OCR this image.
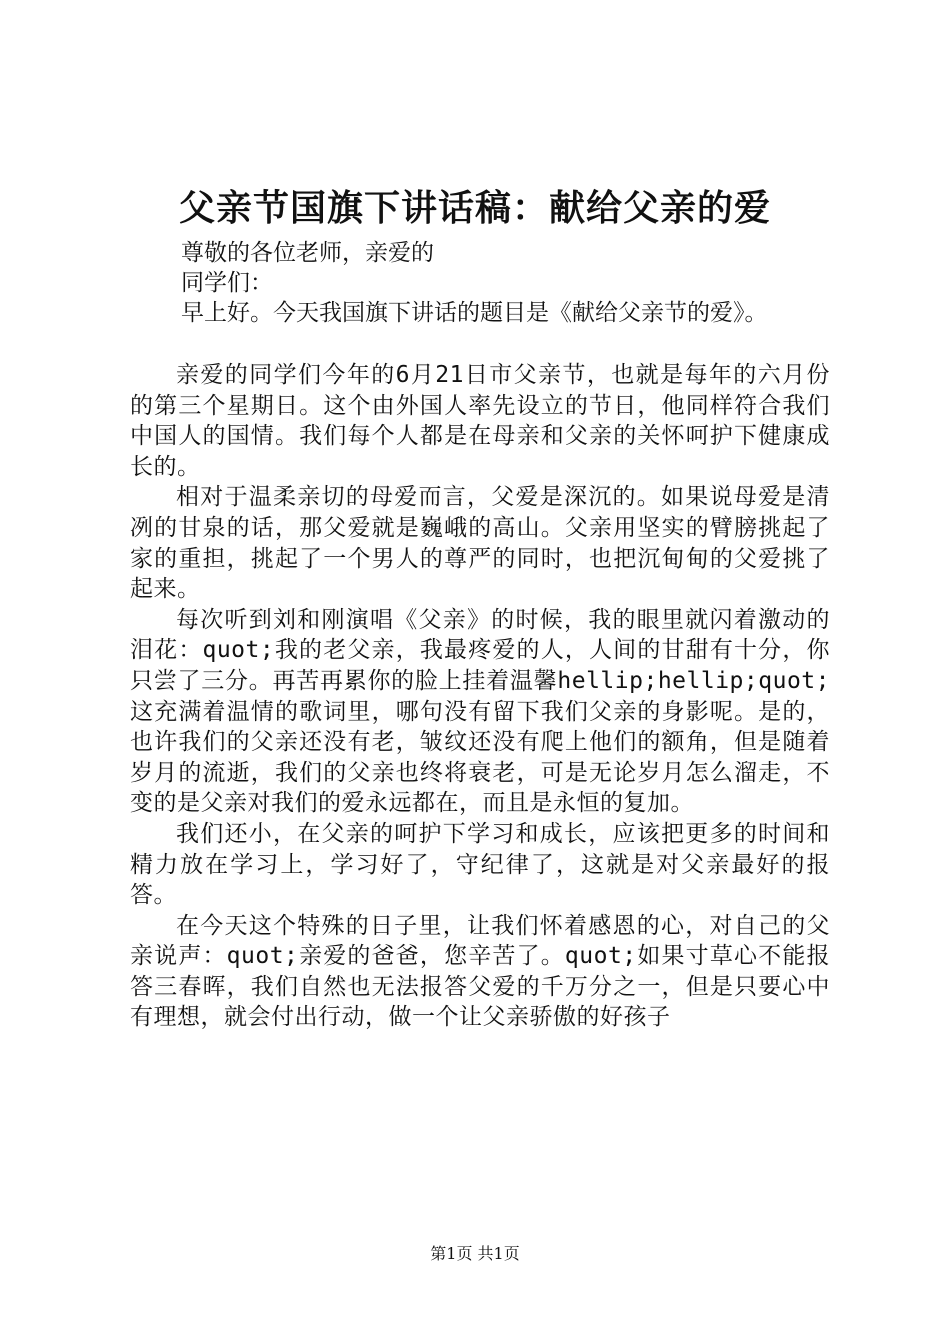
父亲节国旗下讲话稿：献给父亲的爱

尊敬的各位老师，亲爱的

同学们：

早上好。今天我国旗下讲话的题目是《献给父亲节的爱》。

亲爱的同学们今年的6月21日市父亲节，也就是每年的六月份的第三个星期日。这个由外国人率先设立的节日，他同样符合我们中国人的国情。我们每个人都是在母亲和父亲的关怀呵护下健康成长的。

相对于温柔亲切的母爱而言，父爱是深沉的。如果说母爱是清冽的甘泉的话，那父爱就是巍峨的高山。父亲用坚实的臂膀挑起了家的重担，挑起了一个男人的尊严的同时，也把沉甸甸的父爱挑了起来。

每次听到刘和刚演唱《父亲》的时候，我的眼里就闪着激动的泪花：quot;我的老父亲，我最疼爱的人，人间的甘甜有十分，你只尝了三分。再苦再累你的脸上挂着温馨hellip;hellip;quot;这充满着温情的歌词里，哪句没有留下我们父亲的身影呢。是的，也许我们的父亲还没有老，皱纹还没有爬上他们的额角，但是随着岁月的流逝，我们的父亲也终将衰老，可是无论岁月怎么溜走，不变的是父亲对我们的爱永远都在，而且是永恒的复加。

我们还小，在父亲的呵护下学习和成长，应该把更多的时间和精力放在学习上，学习好了，守纪律了，这就是对父亲最好的报答。

在今天这个特殊的日子里，让我们怀着感恩的心，对自己的父亲说声：quot;亲爱的爸爸，您辛苦了。quot;如果寸草心不能报答三春晖，我们自然也无法报答父爱的千万分之一，但是只要心中有理想，就会付出行动，做一个让父亲骄傲的好孩子

第1页 共1页
